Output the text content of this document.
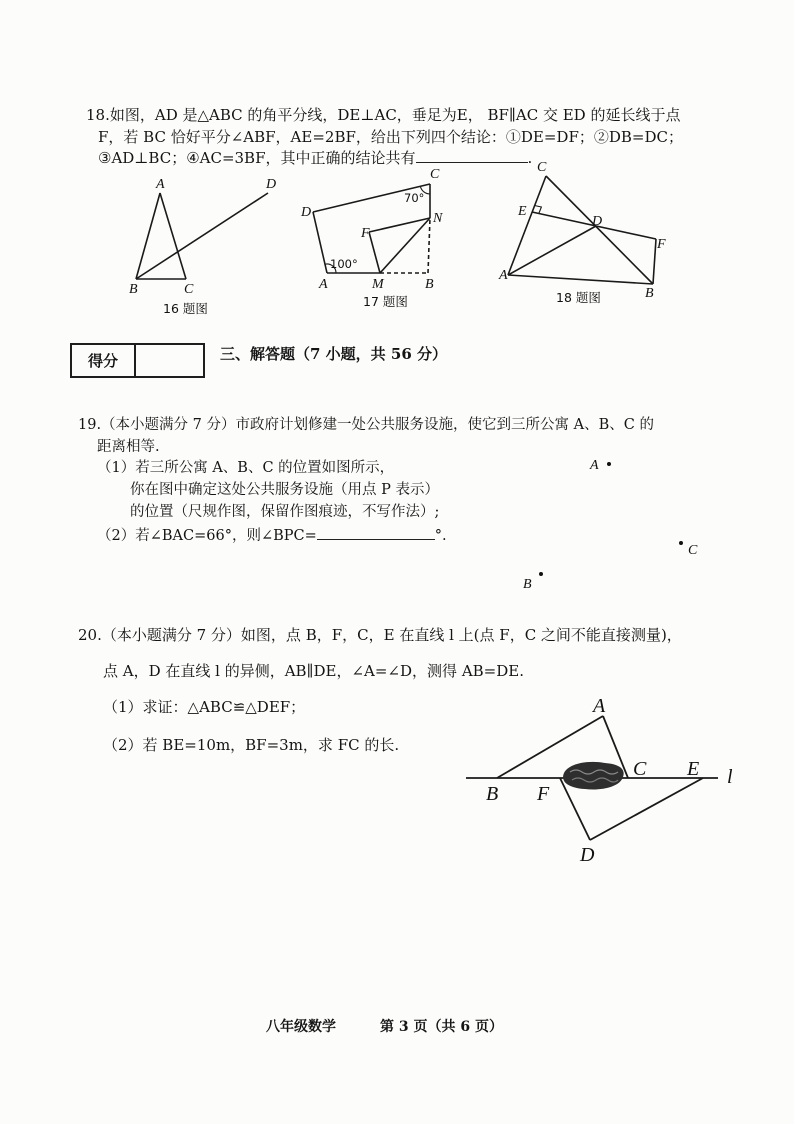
18.如图，AD 是△ABC 的角平分线，DE⊥AC，垂足为E， BF∥AC 交 ED 的延长线于点
F，若 BC 恰好平分∠ABF，AE=2BF，给出下列四个结论：①DE=DF；②DB=DC；
③AD⊥BC；④AC=3BF，其中正确的结论共有	.
得分	三、解答题（7 小题，共 56 分）
19.（本小题满分 7 分）市政府计划修建一处公共服务设施，使它到三所公寓 A、B、C 的
距离相等.
（1）若三所公寓 A、B、C 的位置如图所示，
你在图中确定这处公共服务设施（用点 P 表示）
的位置（尺规作图，保留作图痕迹，不写作法）;
（2）若∠BAC=66°，则∠BPC=	°.
20.（本小题满分 7 分）如图，点 B，F，C，E 在直线 l 上(点 F，C 之间不能直接测量)，
点 A，D 在直线 l 的异侧，AB∥DE，∠A=∠D，测得 AB=DE.
（1）求证：△ABC≌△DEF；
（2）若 BE=10m，BF=3m，求 FC 的长.
八年级数学	第 3 页（共 6 页）
A	D
B	C
16 题图
D
C
N
F
M
A	B
70°
100°
17 题图
C
E
D
F
A
B
18 题图
A
C
B
B F
C E l
A
D
